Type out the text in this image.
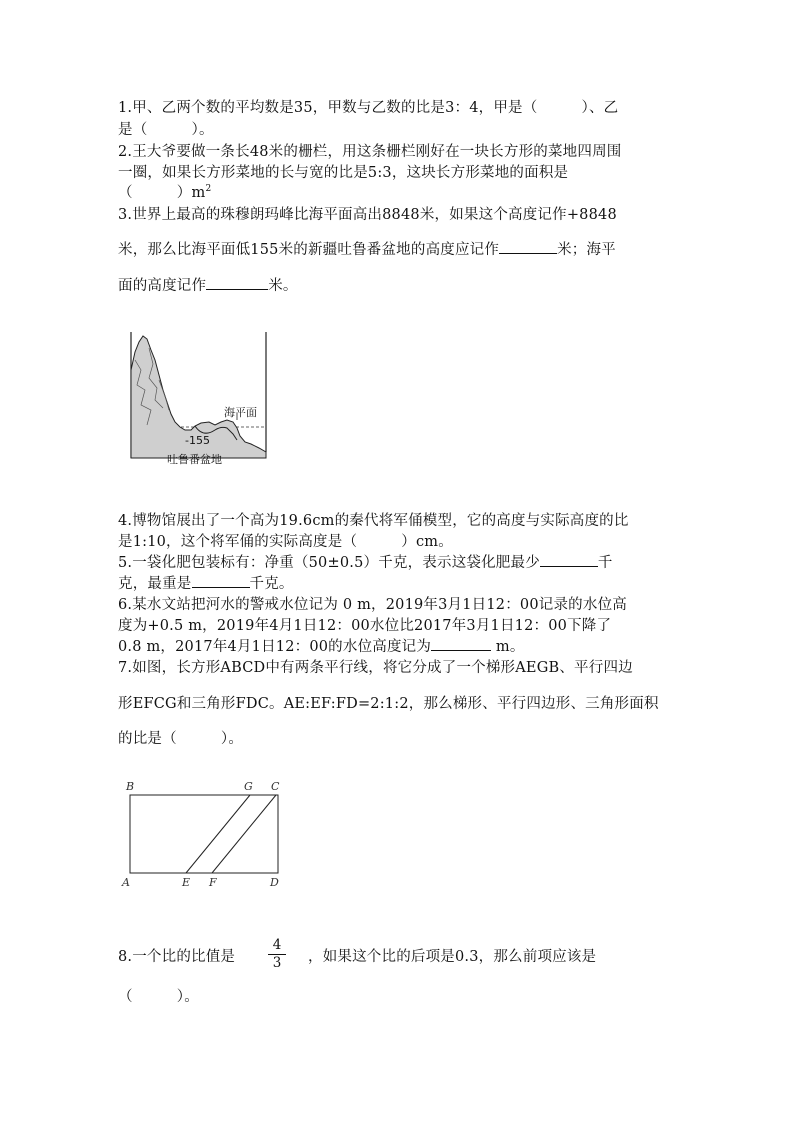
1.甲、乙两个数的平均数是35，甲数与乙数的比是3：4，甲是（　　　）、乙
是（　　　）。
2.王大爷要做一条长48米的栅栏，用这条栅栏刚好在一块长方形的菜地四周围
一圈，如果长方形菜地的长与宽的比是5:3，这块长方形菜地的面积是
（　　　）$m^2$
3.世界上最高的珠穆朗玛峰比海平面高出8848米，如果这个高度记作+8848
米，那么比海平面低155米的新疆吐鲁番盆地的高度应记作	米；海平
面的高度记作	米。
海平面
-155
吐鲁番盆地
4.博物馆展出了一个高为19.6cm的秦代将军俑模型，它的高度与实际高度的比
是1:10，这个将军俑的实际高度是（　　　）cm。
5.一袋化肥包装标有：净重（50±0.5）千克，表示这袋化肥最少	千
克，最重是	千克。
6.某水文站把河水的警戒水位记为 0 m，2019年3月1日12：00记录的水位高
度为+0.5 m，2019年4月1日12：00水位比2017年3月1日12：00下降了
0.8 m，2017年4月1日12：00的水位高度记为	m。
7.如图，长方形ABCD中有两条平行线，将它分成了一个梯形AEGB、平行四边
形EFCG和三角形FDC。AE:EF:FD=2:1:2，那么梯形、平行四边形、三角形面积
的比是（　　　）。
B	G C
A	E F	D
8.一个比的比值是
4
3	，如果这个比的后项是0.3，那么前项应该是
（　　　）。
